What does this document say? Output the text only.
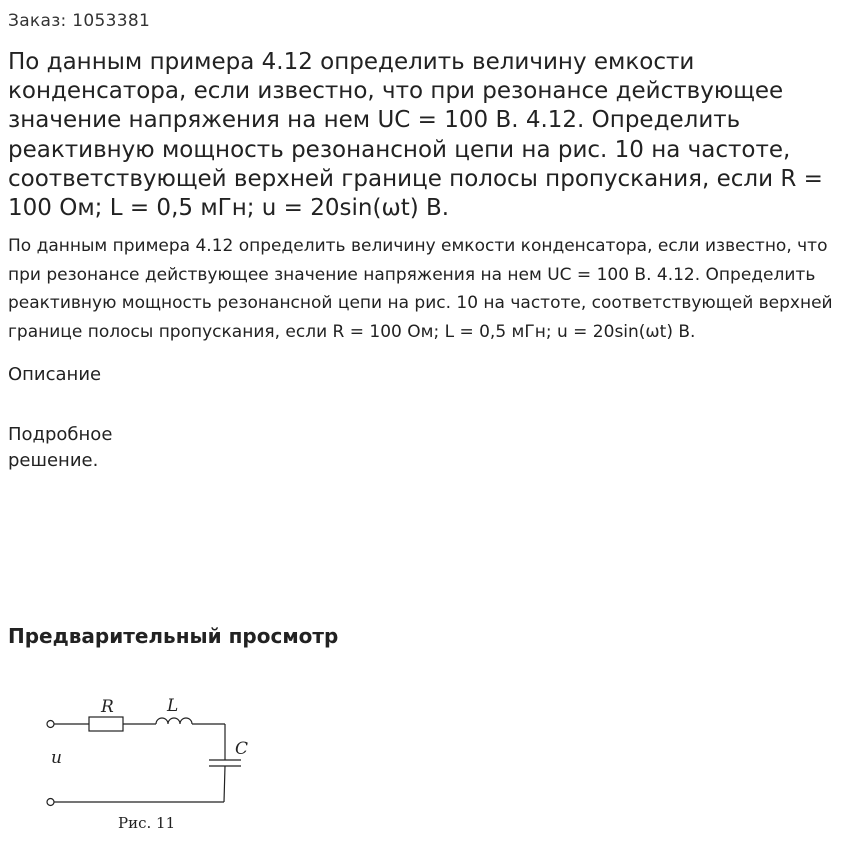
Заказ: 1053381
По данным примера 4.12 определить величину емкости конденсатора, если известно, что при резонансе действующее значение напряжения на нем UC = 100 В. 4.12. Определить реактивную мощность резонансной цепи на рис. 10 на частоте, соответствующей верхней границе полосы пропускания, если R = 100 Ом; L = 0,5 мГн; u = 20sin(ωt) В.

По данным примера 4.12 определить величину емкости конденсатора, если известно, что при резонансе действующее значение напряжения на нем UC = 100 В. 4.12. Определить реактивную мощность резонансной цепи на рис. 10 на частоте, соответствующей верхней границе полосы пропускания, если R = 100 Ом; L = 0,5 мГн; u = 20sin(ωt) В.

Описание
Подробное решение.
Предварительный просмотр
R	L
C
u
Рис. 11
